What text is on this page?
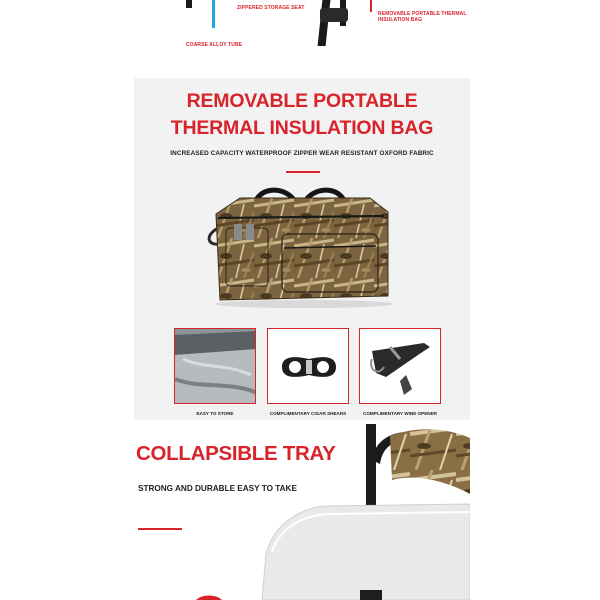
ZIPPERED STORAGE SEAT
COARSE ALLOY TUBE
REMOVABLE PORTABLE THERMAL INSULATION BAG
REMOVABLE PORTABLE
THERMAL INSULATION BAG
INCREASED CAPACITY WATERPROOF ZIPPER WEAR RESISTANT OXFORD FABRIC
EASY TO STORE	COMPLIMENTARY CIGAR SHEARS	COMPLIMENTARY WINE OPENER
COLLAPSIBLE TRAY
STRONG AND DURABLE EASY TO TAKE
